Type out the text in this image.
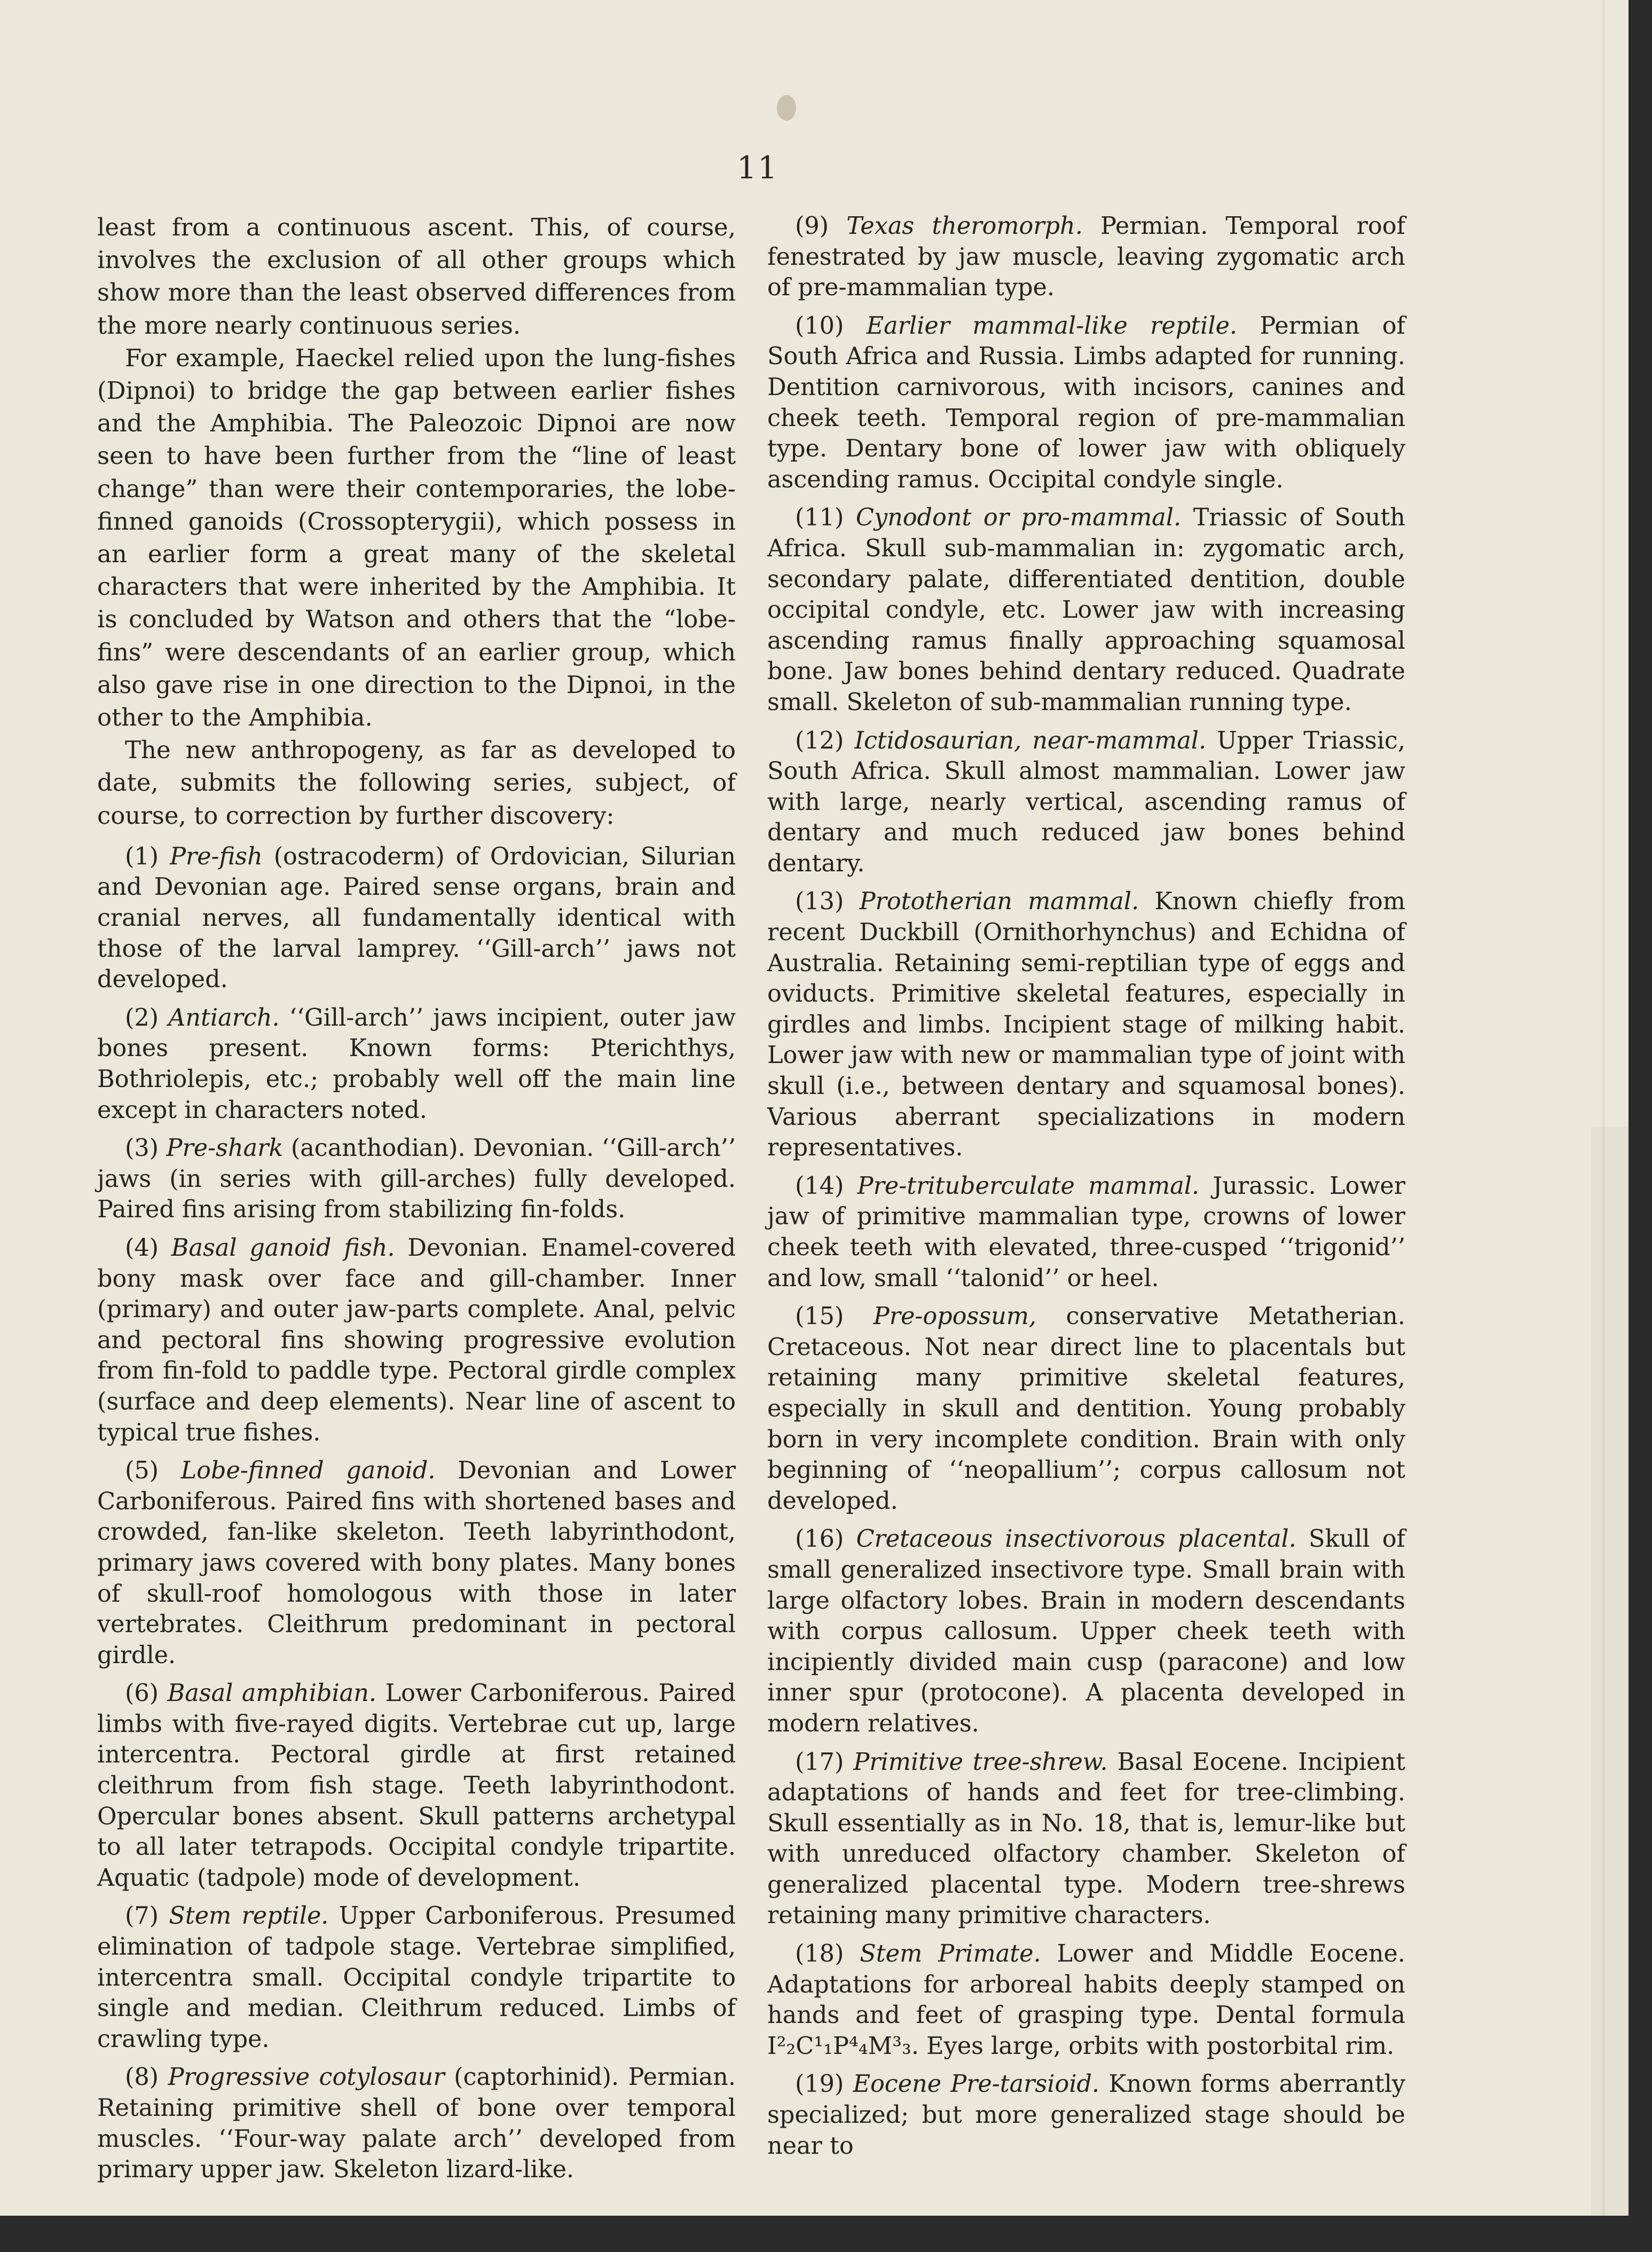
11

least from a continuous ascent. This, of course, involves the exclusion of all other groups which show more than the least observed differences from the more nearly continuous series.

For example, Haeckel relied upon the lung-fishes (Dipnoi) to bridge the gap between earlier fishes and the Amphibia. The Paleozoic Dipnoi are now seen to have been further from the “line of least change” than were their contemporaries, the lobe-finned ganoids (Crossopterygii), which possess in an earlier form a great many of the skeletal characters that were inherited by the Amphibia. It is concluded by Watson and others that the “lobe-fins” were descendants of an earlier group, which also gave rise in one direction to the Dipnoi, in the other to the Amphibia.

The new anthropogeny, as far as developed to date, submits the following series, subject, of course, to correction by further discovery:

(1) Pre-fish (ostracoderm) of Ordovician, Silurian and Devonian age. Paired sense organs, brain and cranial nerves, all fundamentally identical with those of the larval lamprey. ‘‘Gill-arch’’ jaws not developed.

(2) Antiarch. ‘‘Gill-arch’’ jaws incipient, outer jaw bones present. Known forms: Pterichthys, Bothriolepis, etc.; probably well off the main line except in characters noted.

(3) Pre-shark (acanthodian). Devonian. ‘‘Gill-arch’’ jaws (in series with gill-arches) fully developed. Paired fins arising from stabilizing fin-folds.

(4) Basal ganoid fish. Devonian. Enamel-covered bony mask over face and gill-chamber. Inner (primary) and outer jaw-parts complete. Anal, pelvic and pectoral fins showing progressive evolution from fin-fold to paddle type. Pectoral girdle complex (surface and deep elements). Near line of ascent to typical true fishes.

(5) Lobe-finned ganoid. Devonian and Lower Carboniferous. Paired fins with shortened bases and crowded, fan-like skeleton. Teeth labyrinthodont, primary jaws covered with bony plates. Many bones of skull-roof homologous with those in later vertebrates. Cleithrum predominant in pectoral girdle.

(6) Basal amphibian. Lower Carboniferous. Paired limbs with five-rayed digits. Vertebrae cut up, large intercentra. Pectoral girdle at first retained cleithrum from fish stage. Teeth labyrinthodont. Opercular bones absent. Skull patterns archetypal to all later tetrapods. Occipital condyle tripartite. Aquatic (tadpole) mode of development.

(7) Stem reptile. Upper Carboniferous. Presumed elimination of tadpole stage. Vertebrae simplified, intercentra small. Occipital condyle tripartite to single and median. Cleithrum reduced. Limbs of crawling type.

(8) Progressive cotylosaur (captorhinid). Permian. Retaining primitive shell of bone over temporal muscles. ‘‘Four-way palate arch’’ developed from primary upper jaw. Skeleton lizard-like.

(9) Texas theromorph. Permian. Temporal roof fenestrated by jaw muscle, leaving zygomatic arch of pre-mammalian type.

(10) Earlier mammal-like reptile. Permian of South Africa and Russia. Limbs adapted for running. Dentition carnivorous, with incisors, canines and cheek teeth. Temporal region of pre-mammalian type. Dentary bone of lower jaw with obliquely ascending ramus. Occipital condyle single.

(11) Cynodont or pro-mammal. Triassic of South Africa. Skull sub-mammalian in: zygomatic arch, secondary palate, differentiated dentition, double occipital condyle, etc. Lower jaw with increasing ascending ramus finally approaching squamosal bone. Jaw bones behind dentary reduced. Quadrate small. Skeleton of sub-mammalian running type.

(12) Ictidosaurian, near-mammal. Upper Triassic, South Africa. Skull almost mammalian. Lower jaw with large, nearly vertical, ascending ramus of dentary and much reduced jaw bones behind dentary.

(13) Prototherian mammal. Known chiefly from recent Duckbill (Ornithorhynchus) and Echidna of Australia. Retaining semi-reptilian type of eggs and oviducts. Primitive skeletal features, especially in girdles and limbs. Incipient stage of milking habit. Lower jaw with new or mammalian type of joint with skull (i.e., between dentary and squamosal bones). Various aberrant specializations in modern representatives.

(14) Pre-trituberculate mammal. Jurassic. Lower jaw of primitive mammalian type, crowns of lower cheek teeth with elevated, three-cusped ‘‘trigonid’’ and low, small ‘‘talonid’’ or heel.

(15) Pre-opossum, conservative Metatherian. Cretaceous. Not near direct line to placentals but retaining many primitive skeletal features, especially in skull and dentition. Young probably born in very incomplete condition. Brain with only beginning of ‘‘neopallium’’; corpus callosum not developed.

(16) Cretaceous insectivorous placental. Skull of small generalized insectivore type. Small brain with large olfactory lobes. Brain in modern descendants with corpus callosum. Upper cheek teeth with incipiently divided main cusp (paracone) and low inner spur (protocone). A placenta developed in modern relatives.

(17) Primitive tree-shrew. Basal Eocene. Incipient adaptations of hands and feet for tree-climbing. Skull essentially as in No. 18, that is, lemur-like but with unreduced olfactory chamber. Skeleton of generalized placental type. Modern tree-shrews retaining many primitive characters.

(18) Stem Primate. Lower and Middle Eocene. Adaptations for arboreal habits deeply stamped on hands and feet of grasping type. Dental formula I²₂C¹₁P⁴₄M³₃. Eyes large, orbits with postorbital rim.

(19) Eocene Pre-tarsioid. Known forms aberrantly specialized; but more generalized stage should be near to
